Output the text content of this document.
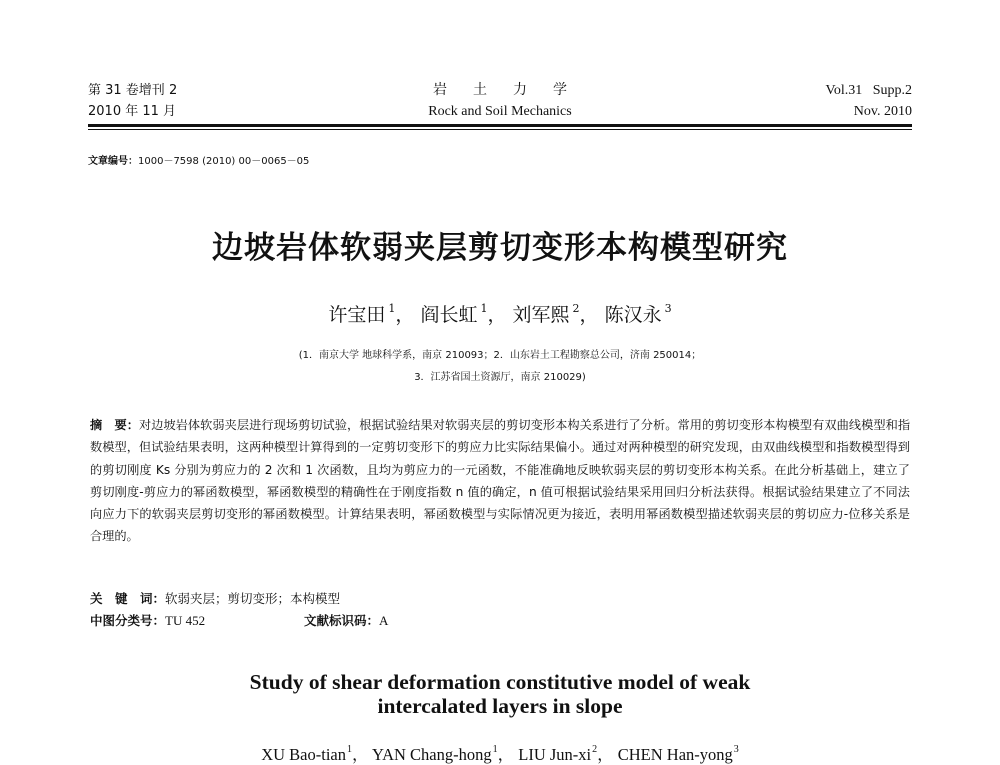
第 31 卷增刊 2
2010 年 11 月
岩土力学
Rock and Soil Mechanics
Vol.31   Supp.2
Nov. 2010
文章编号：1000－7598 (2010) 00－0065－05
边坡岩体软弱夹层剪切变形本构模型研究
许宝田 $^1$， 阎长虹 $^1$， 刘军熙 $^2$， 陈汉永 $^3$
(1．南京大学 地球科学系，南京 210093；2．山东岩土工程勘察总公司，济南 250014；
3．江苏省国土资源厅，南京 210029)
摘　要：对边坡岩体软弱夹层进行现场剪切试验，根据试验结果对软弱夹层的剪切变形本构关系进行了分析。常用的剪切变形本构模型有双曲线模型和指数模型，但试验结果表明，这两种模型计算得到的一定剪切变形下的剪应力比实际结果偏小。通过对两种模型的研究发现，由双曲线模型和指数模型得到的剪切刚度 Ks 分别为剪应力的 2 次和 1 次函数，且均为剪应力的一元函数，不能准确地反映软弱夹层的剪切变形本构关系。在此分析基础上，建立了剪切刚度-剪应力的幂函数模型，幂函数模型的精确性在于刚度指数 n 值的确定，n 值可根据试验结果采用回归分析法获得。根据试验结果建立了不同法向应力下的软弱夹层剪切变形的幂函数模型。计算结果表明，幂函数模型与实际情况更为接近，表明用幂函数模型描述软弱夹层的剪切应力-位移关系是合理的。
关　键　词：软弱夹层；剪切变形；本构模型
中图分类号：TU 452	文献标识码：A
Study of shear deformation constitutive model of weak
intercalated layers in slope
XU Bao-tian$^1$， YAN Chang-hong$^1$， LIU Jun-$xi^2$， CHEN Han-yong$^3$
